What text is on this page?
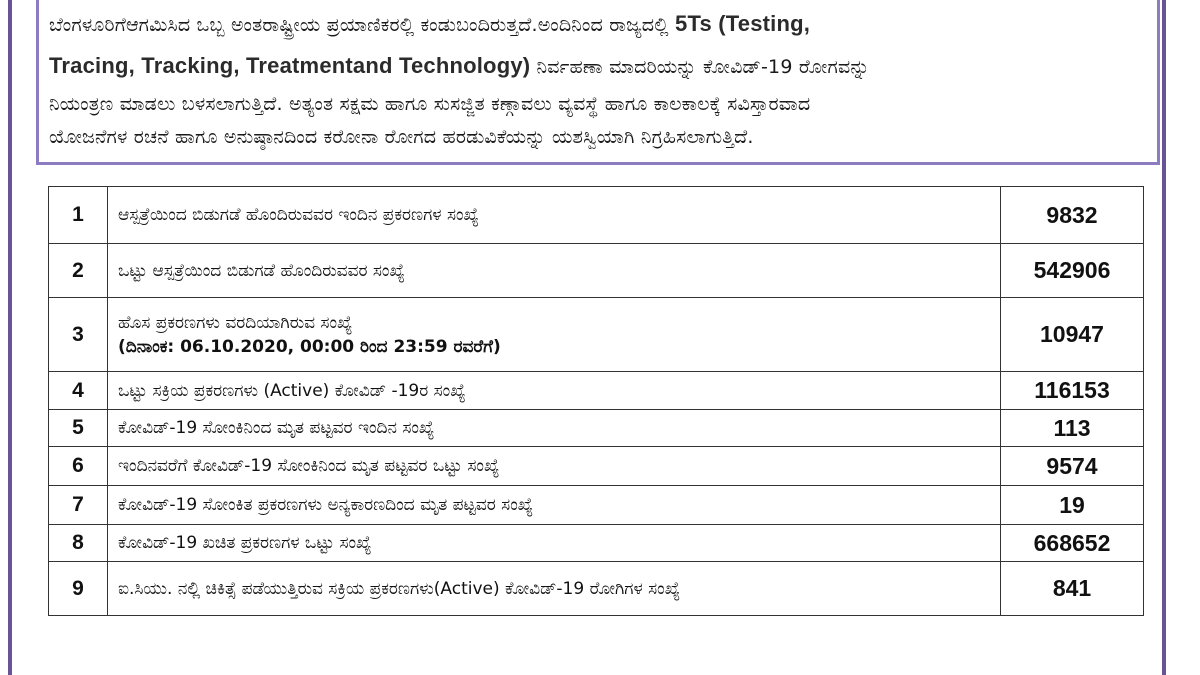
ಬೆಂಗಳೂರಿಗೆಆಗಮಿಸಿದ ಒಬ್ಬ ಅಂತರಾಷ್ಟ್ರೀಯ ಪ್ರಯಾಣಿಕರಲ್ಲಿ ಕಂಡುಬಂದಿರುತ್ತದೆ.ಅಂದಿನಿಂದ ರಾಜ್ಯದಲ್ಲಿ 5Ts (Testing,
Tracing, Tracking, Treatmentand Technology) ನಿರ್ವಹಣಾ ಮಾದರಿಯನ್ನು ಕೋವಿಡ್-19 ರೋಗವನ್ನು
ನಿಯಂತ್ರಣ ಮಾಡಲು ಬಳಸಲಾಗುತ್ತಿದೆ. ಅತ್ಯಂತ ಸಕ್ಷಮ ಹಾಗೂ ಸುಸಜ್ಜಿತ ಕಣ್ಗಾವಲು ವ್ಯವಸ್ಥೆ ಹಾಗೂ ಕಾಲಕಾಲಕ್ಕೆ ಸವಿಸ್ತಾರವಾದ
ಯೋಜನೆಗಳ ರಚನೆ ಹಾಗೂ ಅನುಷ್ಠಾನದಿಂದ ಕರೋನಾ ರೋಗದ ಹರಡುವಿಕೆಯನ್ನು ಯಶಸ್ವಿಯಾಗಿ ನಿಗ್ರಹಿಸಲಾಗುತ್ತಿದೆ.
1	ಆಸ್ಪತ್ರೆಯಿಂದ ಬಿಡುಗಡೆ ಹೊಂದಿರುವವರ ಇಂದಿನ ಪ್ರಕರಣಗಳ ಸಂಖ್ಯೆ	9832
2	ಒಟ್ಟು ಆಸ್ಪತ್ರೆಯಿಂದ ಬಿಡುಗಡೆ ಹೊಂದಿರುವವರ ಸಂಖ್ಯೆ	542906
3	ಹೊಸ ಪ್ರಕರಣಗಳು ವರದಿಯಾಗಿರುವ ಸಂಖ್ಯೆ
(ದಿನಾಂಕ: 06.10.2020, 00:00 ರಿಂದ 23:59 ರವರೆಗೆ)	10947
4	ಒಟ್ಟು ಸಕ್ರಿಯ ಪ್ರಕರಣಗಳು (Active) ಕೋವಿಡ್ -19ರ ಸಂಖ್ಯೆ	116153
5	ಕೋವಿಡ್-19 ಸೋಂಕಿನಿಂದ ಮೃತ ಪಟ್ಟವರ ಇಂದಿನ ಸಂಖ್ಯೆ	113
6	ಇಂದಿನವರೆಗೆ ಕೋವಿಡ್-19 ಸೋಂಕಿನಿಂದ ಮೃತ ಪಟ್ಟವರ ಒಟ್ಟು ಸಂಖ್ಯೆ	9574
7	ಕೋವಿಡ್-19 ಸೋಂಕಿತ ಪ್ರಕರಣಗಳು ಅನ್ಯಕಾರಣದಿಂದ ಮೃತ ಪಟ್ಟವರ ಸಂಖ್ಯೆ	19
8	ಕೋವಿಡ್-19 ಖಚಿತ ಪ್ರಕರಣಗಳ ಒಟ್ಟು ಸಂಖ್ಯೆ	668652
9	ಐ.ಸಿಯು. ನಲ್ಲಿ ಚಿಕಿತ್ಸೆ ಪಡೆಯುತ್ತಿರುವ ಸಕ್ರಿಯ ಪ್ರಕರಣಗಳು(Active) ಕೋವಿಡ್-19 ರೋಗಿಗಳ ಸಂಖ್ಯೆ	841
